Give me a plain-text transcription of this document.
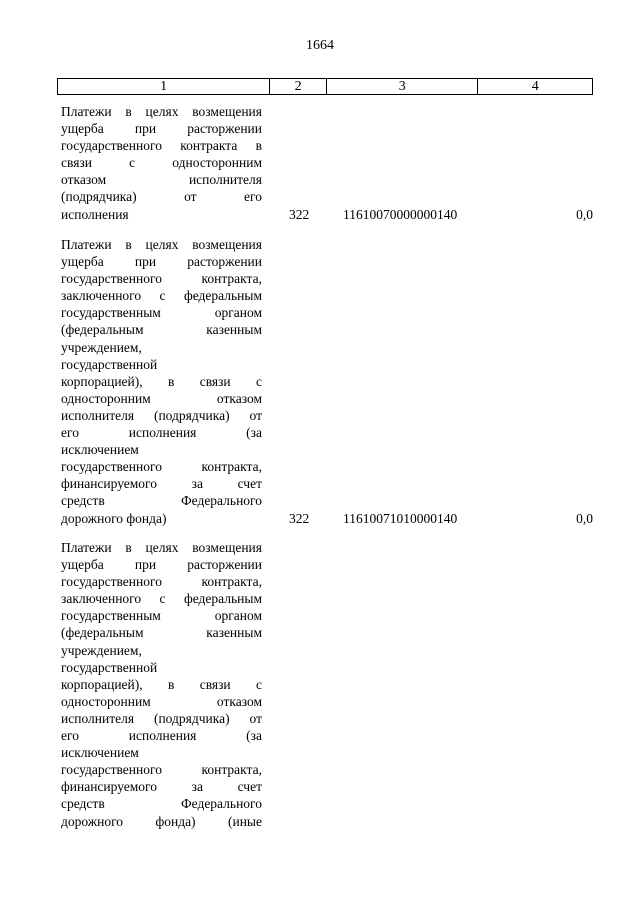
1664
1	2	3	4
Платежи в целях возмещения
ущерба при расторжении
государственного контракта в
связи с односторонним
отказом исполнителя
(подрядчика) от его
исполнения	322	11610070000000140	0,0
Платежи в целях возмещения
ущерба при расторжении
государственного контракта,
заключенного с федеральным
государственным органом
(федеральным казенным
учреждением,
государственной
корпорацией), в связи с
односторонним отказом
исполнителя (подрядчика) от
его исполнения (за
исключением
государственного контракта,
финансируемого за счет
средств Федерального
дорожного фонда)	322	11610071010000140	0,0
Платежи в целях возмещения
ущерба при расторжении
государственного контракта,
заключенного с федеральным
государственным органом
(федеральным казенным
учреждением,
государственной
корпорацией), в связи с
односторонним отказом
исполнителя (подрядчика) от
его исполнения (за
исключением
государственного контракта,
финансируемого за счет
средств Федерального
дорожного фонда) (иные
